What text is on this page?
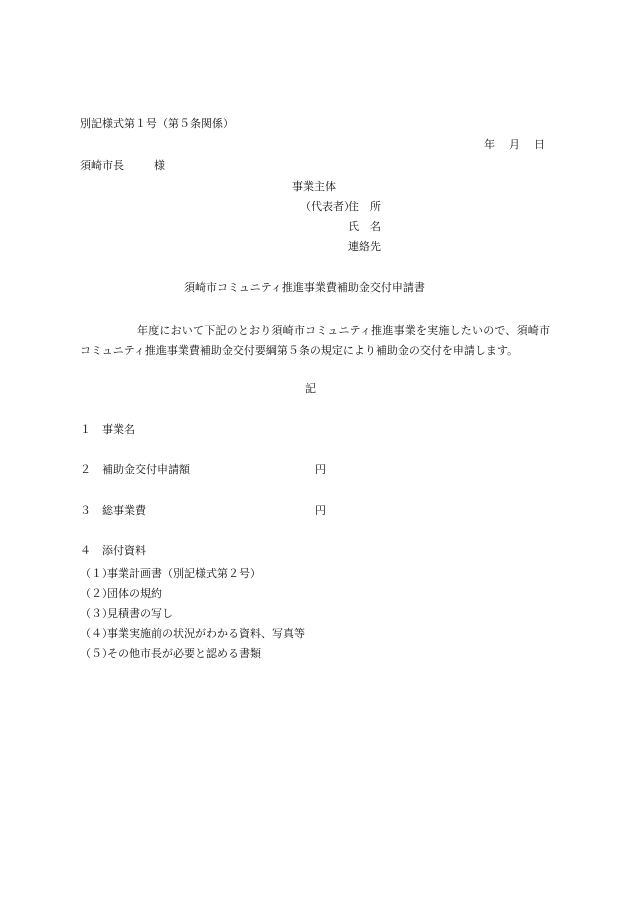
別記様式第１号（第５条関係）
年 月 日
須崎市長	様
事業主体
（代表者）
住　所
氏　名
連絡先
須崎市コミュニティ推進事業費補助金交付申請書
年度において下記のとおり須崎市コミュニティ推進事業を実施したいので、須崎市コミュニティ推進事業費補助金交付要綱第５条の規定により補助金の交付を申請します。
記
１ 事業名
２ 補助金交付申請額	円
３ 総事業費	円
４ 添付資料
（１）事業計画書（別記様式第２号）
（２）団体の規約
（３）見積書の写し
（４）事業実施前の状況がわかる資料、写真等
（５）その他市長が必要と認める書類
